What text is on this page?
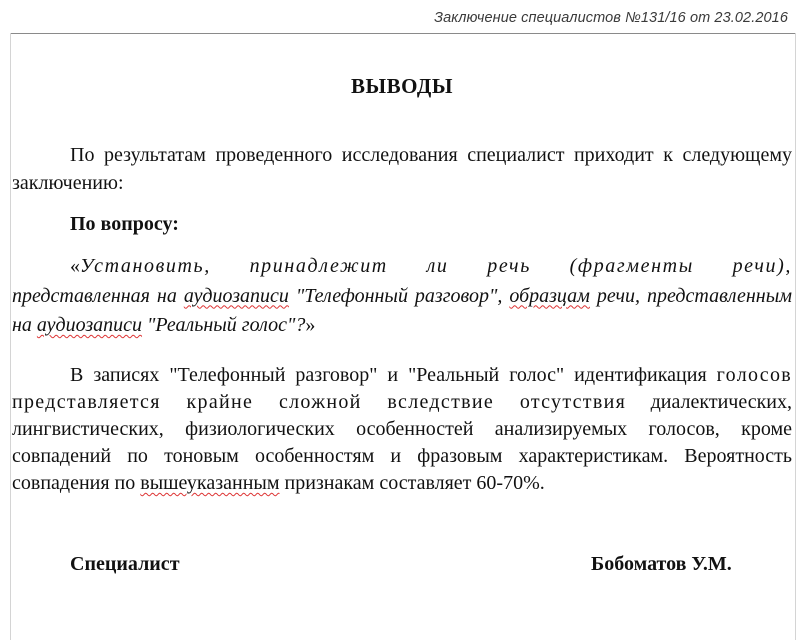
Заключение специалистов №131/16 от 23.02.2016
ВЫВОДЫ

По результатам проведенного исследования специалист приходит к следующему заключению:

По вопросу:

«Установить, принадлежит ли речь (фрагменты речи), представленная на аудиозаписи "Телефонный разговор", образцам речи, представленным на аудиозаписи "Реальный голос"?»

В записях "Телефонный разговор" и "Реальный голос" идентификация голосов представляется крайне сложной вследствие отсутствия диалектических, лингвистических, физиологических особенностей анализируемых голосов, кроме совпадений по тоновым особенностям и фразовым характеристикам. Вероятность совпадения по вышеуказанным признакам составляет 60-70%.

Специалист	Бобоматов У.М.
